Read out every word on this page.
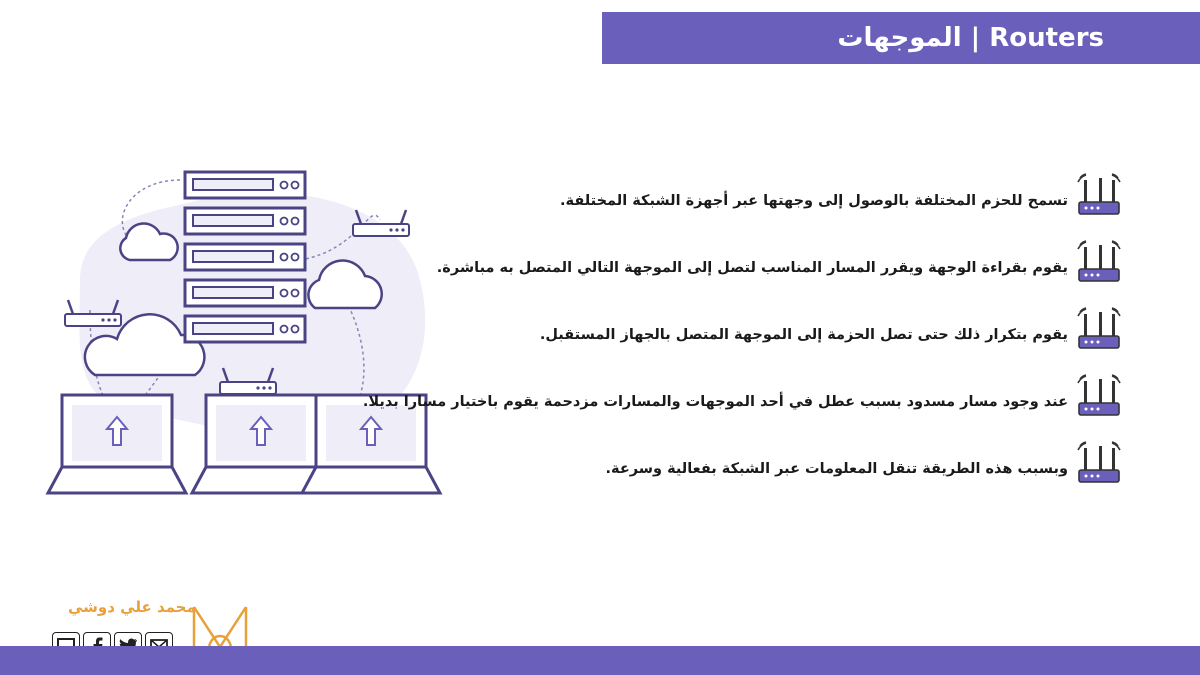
Routers | الموجهات
تسمح للحزم المختلفة بالوصول إلى وجهتها عبر أجهزة الشبكة المختلفة.
يقوم بقراءة الوجهة ويقرر المسار المناسب لتصل إلى الموجهة التالي المتصل به مباشرة.
يقوم بتكرار ذلك حتى تصل الحزمة إلى الموجهة المتصل بالجهاز المستقبل.
عند وجود مسار مسدود بسبب عطل في أحد الموجهات والمسارات مزدحمة يقوم باختيار مسارا بديلا.
وبسبب هذه الطريقة تنقل المعلومات عبر الشبكة بفعالية وسرعة.
محمد علي دوشي
